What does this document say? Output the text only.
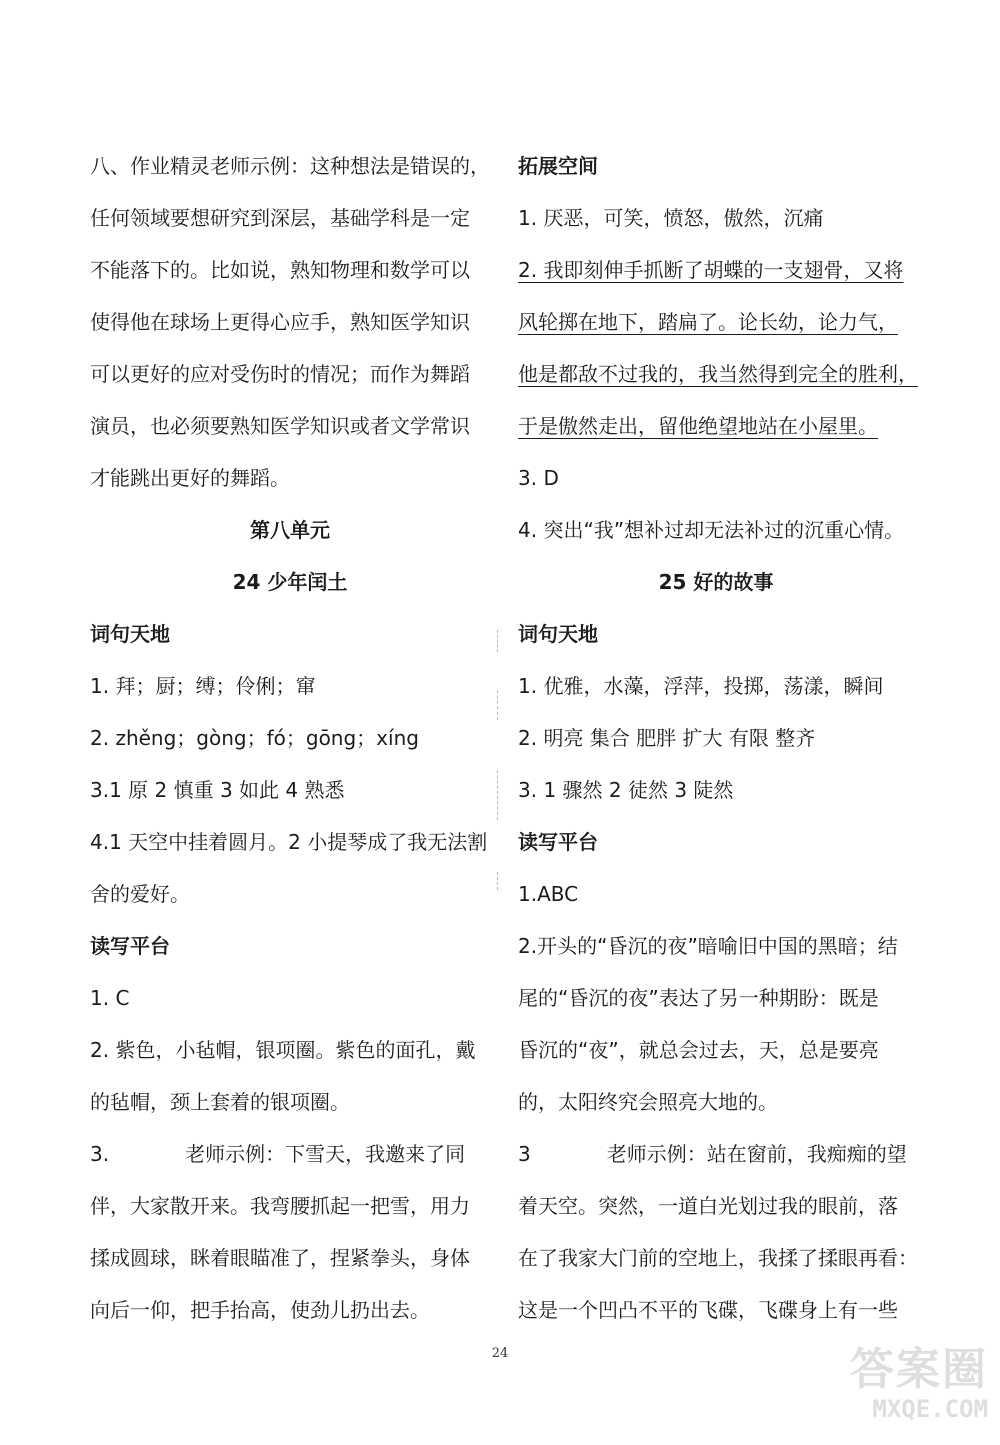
八、作业精灵老师示例：这种想法是错误的，
任何领域要想研究到深层，基础学科是一定
不能落下的。比如说，熟知物理和数学可以
使得他在球场上更得心应手，熟知医学知识
可以更好的应对受伤时的情况；而作为舞蹈
演员，也必须要熟知医学知识或者文学常识
才能跳出更好的舞蹈。
第八单元
24 少年闰土
词句天地
1. 拜；厨；缚；伶俐；窜
2. zhěng；gòng；fó；gōng；xíng
3.1 原 2 慎重 3 如此 4 熟悉
4.1 天空中挂着圆月。2 小提琴成了我无法割
舍的爱好。
读写平台
1. C
2. 紫色，小毡帽，银项圈。紫色的面孔，戴
的毡帽，颈上套着的银项圈。
3.	老师示例：下雪天，我邀来了同
伴，大家散开来。我弯腰抓起一把雪，用力
揉成圆球，眯着眼瞄准了，捏紧拳头，身体
向后一仰，把手抬高，使劲儿扔出去。
拓展空间
1. 厌恶，可笑，愤怒，傲然，沉痛
2. 我即刻伸手抓断了胡蝶的一支翅骨，又将
风轮掷在地下，踏扁了。论长幼，论力气，
他是都敌不过我的，我当然得到完全的胜利，
于是傲然走出，留他绝望地站在小屋里。
3. D
4. 突出“我”想补过却无法补过的沉重心情。
25 好的故事
词句天地
1. 优雅，水藻，浮萍，投掷，荡漾，瞬间
2. 明亮 集合 肥胖 扩大 有限 整齐
3. 1 骤然 2 徒然 3 陡然
读写平台
1.ABC
2.开头的“昏沉的夜”暗喻旧中国的黑暗；结
尾的“昏沉的夜”表达了另一种期盼：既是
昏沉的“夜”，就总会过去，天，总是要亮
的，太阳终究会照亮大地的。
3	老师示例：站在窗前，我痴痴的望
着天空。突然，一道白光划过我的眼前，落
在了我家大门前的空地上，我揉了揉眼再看：
这是一个凹凸不平的飞碟，飞碟身上有一些
24	答案圈
MXQE.COM
